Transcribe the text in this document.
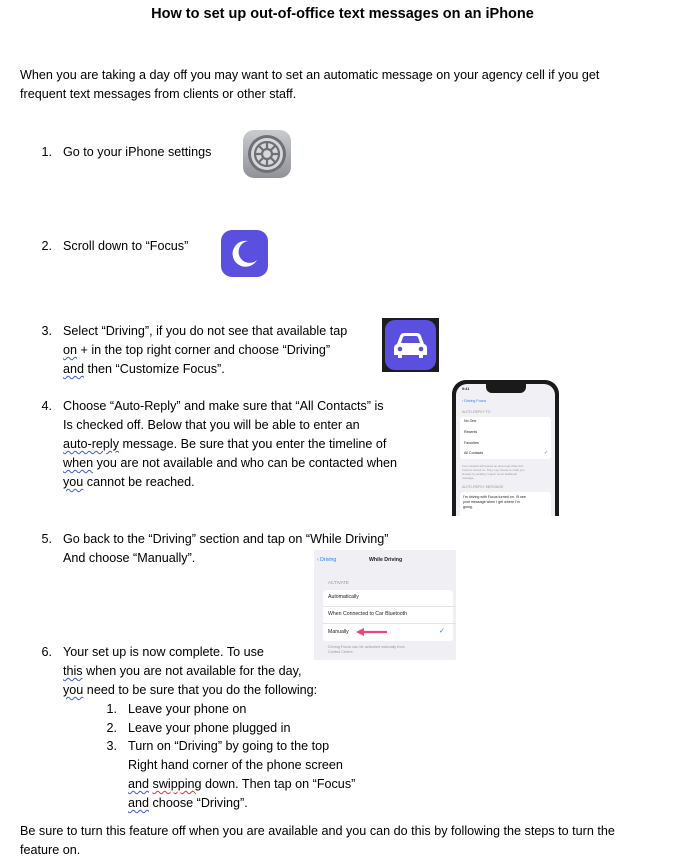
How to set up out-of-office text messages on an iPhone
When you are taking a day off you may want to set an automatic message on your agency cell if you get
frequent text messages from clients or other staff.
1. Go to your iPhone settings
2. Scroll down to “Focus”
3. Select “Driving”, if you do not see that available tap
on + in the top right corner and choose “Driving”
and then “Customize Focus”.
4. Choose “Auto-Reply” and make sure that “All Contacts” is
Is checked off. Below that you will be able to enter an
auto-reply message. Be sure that you enter the timeline of
when you are not available and who can be contacted when
you cannot be reached.
9:41
‹ Driving Focus
AUTO-REPLY TO
No One
Recents
Favorites
All Contacts	✓
Your contacts will receive an auto-reply when this
Focus is turned on. They may choose to notify you
anyway by sending “urgent” as an additional
message.
AUTO-REPLY MESSAGE
I’m driving with Focus turned on. I’ll see
your message when I get where I’m
going.
5. Go back to the “Driving” section and tap on “While Driving”
And choose “Manually”.	‹ Driving	While Driving
ACTIVATE
Automatically
When Connected to Car Bluetooth
Manually	✓
Driving Focus can be activated manually from
Control Centre.
6. Your set up is now complete. To use
this when you are not available for the day,
you need to be sure that you do the following:
1. Leave your phone on
2. Leave your phone plugged in
3. Turn on “Driving” by going to the top
Right hand corner of the phone screen
and swipping down. Then tap on “Focus”
and choose “Driving”.
Be sure to turn this feature off when you are available and you can do this by following the steps to turn the
feature on.
